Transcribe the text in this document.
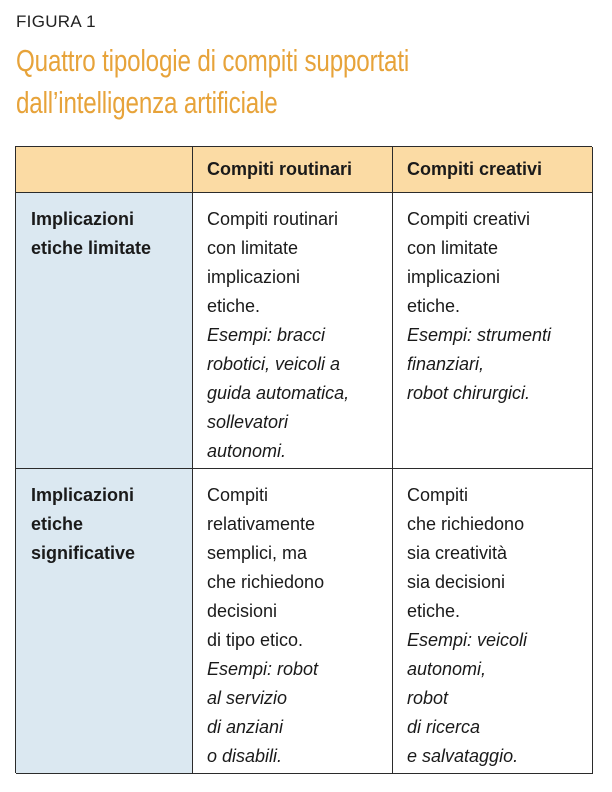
FIGURA 1
Quattro tipologie di compiti supportati
dall’intelligenza artificiale
Compiti routinari	Compiti creativi
Implicazioni
etiche limitate
Compiti routinari
con limitate
implicazioni
etiche.
Esempi: bracci
robotici, veicoli a
guida automatica,
sollevatori
autonomi.
Compiti creativi
con limitate
implicazioni
etiche.
Esempi: strumenti
finanziari,
robot chirurgici.
Implicazioni
etiche
significative
Compiti
relativamente
semplici, ma
che richiedono
decisioni
di tipo etico.
Esempi: robot
al servizio
di anziani
o disabili.
Compiti
che richiedono
sia creatività
sia decisioni
etiche.
Esempi: veicoli
autonomi,
robot
di ricerca
e salvataggio.
